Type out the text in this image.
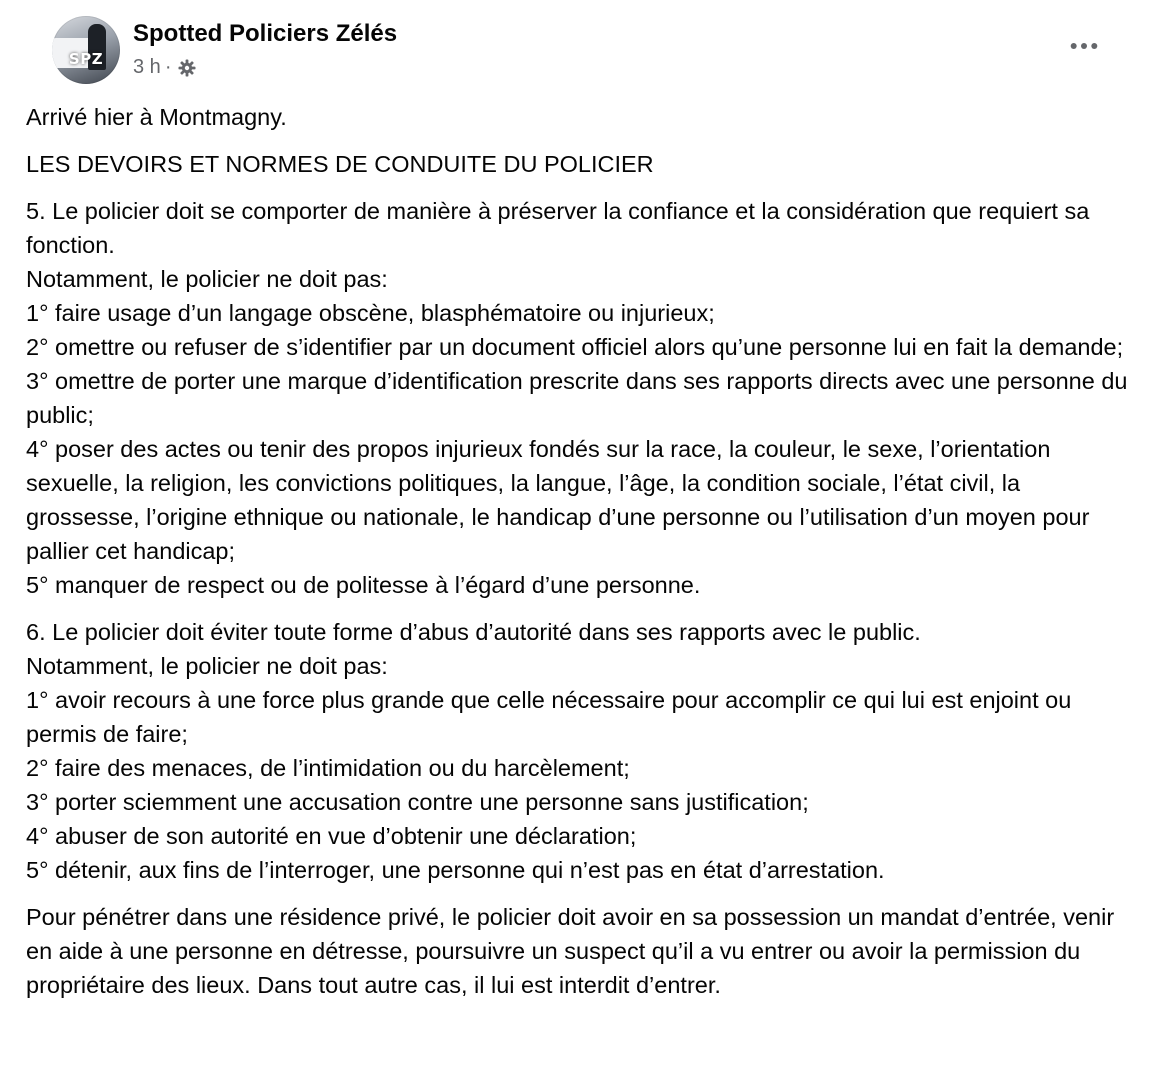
SPZ
Spotted Policiers Zélés
3 h ·

Arrivé hier à Montmagny.

LES DEVOIRS ET NORMES DE CONDUITE DU POLICIER

5. Le policier doit se comporter de manière à préserver la confiance et la considération que requiert sa fonction.
Notamment, le policier ne doit pas:
1° faire usage d’un langage obscène, blasphématoire ou injurieux;
2° omettre ou refuser de s’identifier par un document officiel alors qu’une personne lui en fait la demande;
3° omettre de porter une marque d’identification prescrite dans ses rapports directs avec une personne du public;
4° poser des actes ou tenir des propos injurieux fondés sur la race, la couleur, le sexe, l’orientation sexuelle, la religion, les convictions politiques, la langue, l’âge, la condition sociale, l’état civil, la grossesse, l’origine ethnique ou nationale, le handicap d’une personne ou l’utilisation d’un moyen pour pallier cet handicap;
5° manquer de respect ou de politesse à l’égard d’une personne.

6. Le policier doit éviter toute forme d’abus d’autorité dans ses rapports avec le public.
Notamment, le policier ne doit pas:
1° avoir recours à une force plus grande que celle nécessaire pour accomplir ce qui lui est enjoint ou permis de faire;
2° faire des menaces, de l’intimidation ou du harcèlement;
3° porter sciemment une accusation contre une personne sans justification;
4° abuser de son autorité en vue d’obtenir une déclaration;
5° détenir, aux fins de l’interroger, une personne qui n’est pas en état d’arrestation.

Pour pénétrer dans une résidence privé, le policier doit avoir en sa possession un mandat d’entrée, venir en aide à une personne en détresse, poursuivre un suspect qu’il a vu entrer ou avoir la permission du propriétaire des lieux. Dans tout autre cas, il lui est interdit d’entrer.
